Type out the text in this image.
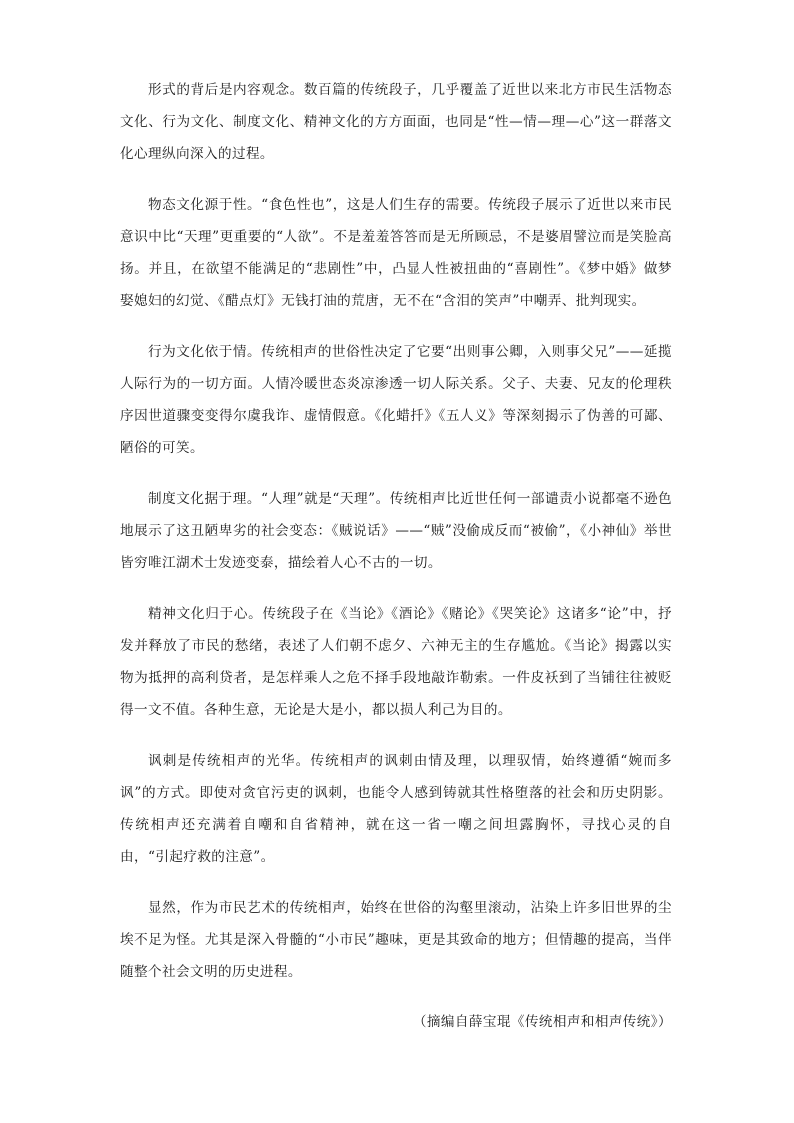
形式的背后是内容观念。数百篇的传统段子，几乎覆盖了近世以来北方市民生活物态文化、行为文化、制度文化、精神文化的方方面面，也同是“性—情—理—心”这一群落文化心理纵向深入的过程。

物态文化源于性。“食色性也”，这是人们生存的需要。传统段子展示了近世以来市民意识中比“天理”更重要的“人欲”。不是羞羞答答而是无所顾忌，不是婆眉譬泣而是笑脸高扬。并且，在欲望不能满足的“悲剧性”中，凸显人性被扭曲的“喜剧性”。《梦中婚》做梦娶媳妇的幻觉、《醋点灯》无钱打油的荒唐，无不在“含泪的笑声”中嘲弄、批判现实。

行为文化依于情。传统相声的世俗性决定了它要“出则事公卿，入则事父兄”——延揽人际行为的一切方面。人情冷暖世态炎凉渗透一切人际关系。父子、夫妻、兄友的伦理秩序因世道骤变变得尔虞我诈、虚情假意。《化蜡扦》《五人义》等深刻揭示了伪善的可鄙、陋俗的可笑。

制度文化据于理。“人理”就是“天理”。传统相声比近世任何一部谴责小说都毫不逊色地展示了这丑陋卑劣的社会变态：《贼说话》——“贼”没偷成反而“被偷”，《小神仙》举世皆穷唯江湖术士发迹变泰，描绘着人心不古的一切。

精神文化归于心。传统段子在《当论》《酒论》《赌论》《哭笑论》这诸多“论”中，抒发并释放了市民的愁绪，表述了人们朝不虑夕、六神无主的生存尴尬。《当论》揭露以实物为抵押的高利贷者，是怎样乘人之危不择手段地敲诈勒索。一件皮袄到了当铺往往被贬得一文不值。各种生意，无论是大是小，都以损人利己为目的。

讽刺是传统相声的光华。传统相声的讽刺由情及理，以理驭情，始终遵循“婉而多讽”的方式。即使对贪官污吏的讽刺，也能令人感到铸就其性格堕落的社会和历史阴影。传统相声还充满着自嘲和自省精神，就在这一省一嘲之间坦露胸怀，寻找心灵的自由，“引起疗救的注意”。

显然，作为市民艺术的传统相声，始终在世俗的沟壑里滚动，沾染上许多旧世界的尘埃不足为怪。尤其是深入骨髓的“小市民”趣味，更是其致命的地方；但情趣的提高，当伴随整个社会文明的历史进程。

（摘编自薛宝琨《传统相声和相声传统》）
